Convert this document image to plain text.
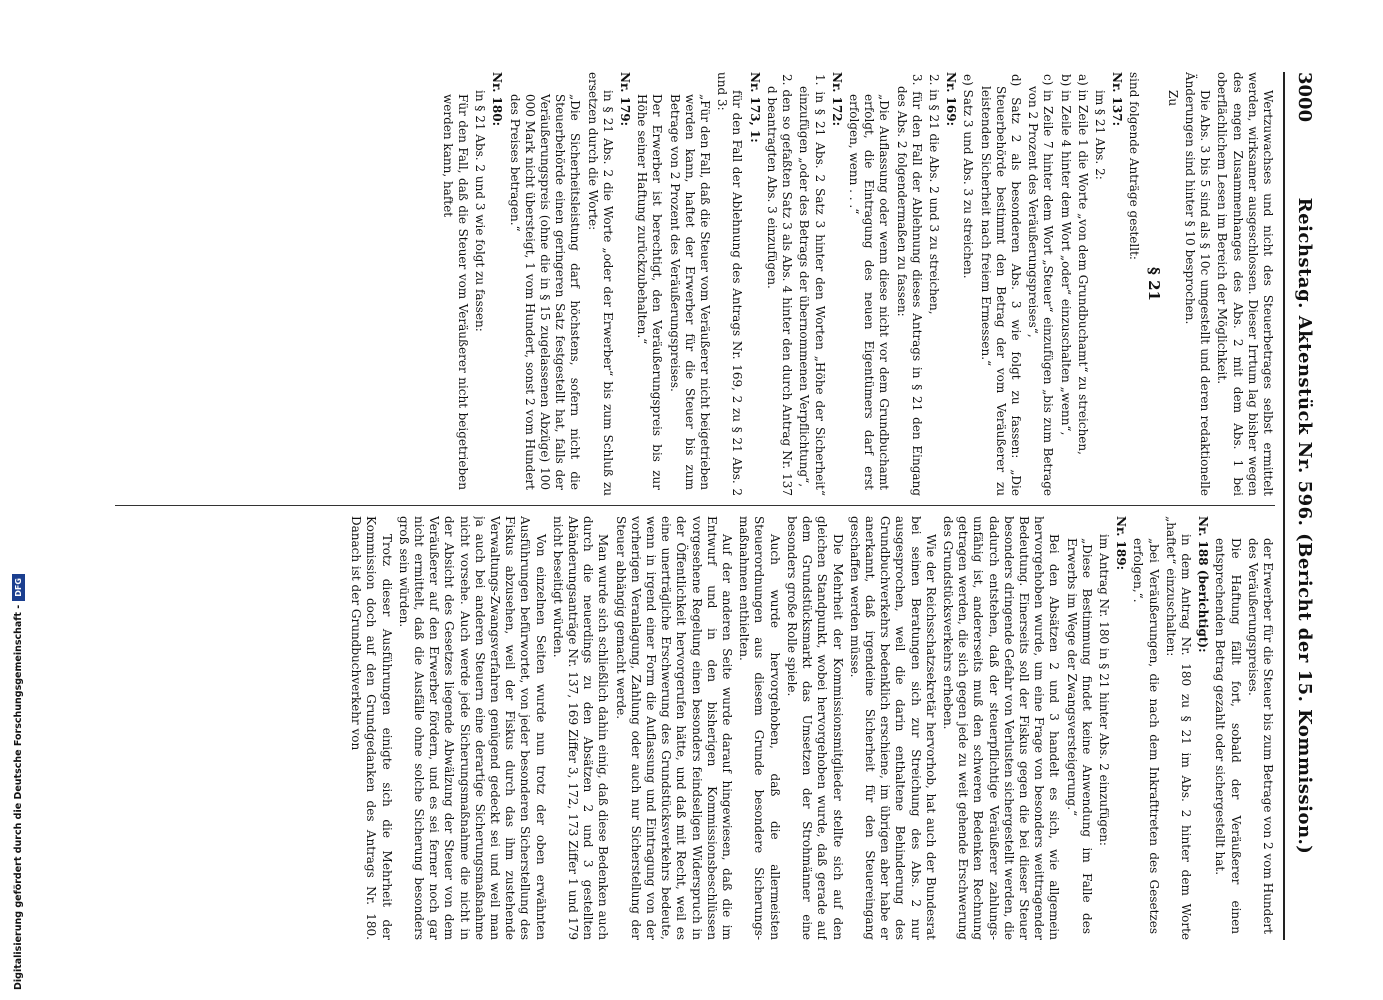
Digitalisierung gefördert durch die Deutsche Forschungsgemeinschaft -
DFG
3000
Reichstag. Aktenstück Nr. 596. (Bericht der 15. Kommission.)

Wertzuwachses und nicht des Steuerbetrages selbst ermittelt werden, wirksamer ausgeschlossen. Dieser Irrtum lag bisher wegen des engen Zusammenhanges des Abs. 2 mit dem Abs. 1 bei oberflächlichem Lesen im Bereich der Möglichkeit.

Die Abs. 3 bis 5 sind als § 10c umgestellt und deren redaktionelle Änderungen sind hinter § 10 besprochen.

Zu

§ 21

sind folgende Anträge gestellt:

Nr. 137:

im § 21 Abs. 2:

a) in Zeile 1 die Worte „von dem Grundbuchamt“ zu streichen,

b) in Zeile 4 hinter dem Wort „oder“ einzuschalten „wenn“,

c) in Zeile 7 hinter dem Wort „Steuer“ einzufügen „bis zum Betrage von 2 Prozent des Veräußerungspreises“,

d) Satz 2 als besonderen Abs. 3 wie folgt zu fassen: „Die Steuerbehörde bestimmt den Betrag der vom Veräußerer zu leistenden Sicherheit nach freiem Ermessen.“

e) Satz 3 und Abs. 3 zu streichen.

Nr. 169:

2. in § 21 die Abs. 2 und 3 zu streichen,

3. für den Fall der Ablehnung dieses Antrags in § 21 den Eingang des Abs. 2 folgendermaßen zu fassen:

„Die Auflassung oder wenn diese nicht vor dem Grundbuchamt erfolgt, die Eintragung des neuen Eigentümers darf erst erfolgen, wenn . . .“

Nr. 172:

1. in § 21 Abs. 2 Satz 3 hinter den Worten „Höhe der Sicherheit“ einzufügen „oder des Betrags der übernommenen Verpflichtung“,

2. den so gefaßten Satz 3 als Abs. 4 hinter den durch Antrag Nr. 137 d beantragten Abs. 3 einzufügen.

Nr. 173, 1:

für den Fall der Ablehnung des Antrags Nr. 169, 2 zu § 21 Abs. 2 und 3:

„Für den Fall, daß die Steuer vom Veräußerer nicht beigetrieben werden kann, haftet der Erwerber für die Steuer bis zum Betrage von 2 Prozent des Veräußerungspreises.

Der Erwerber ist berechtigt, den Veräußerungspreis bis zur Höhe seiner Haftung zurückzubehalten.“

Nr. 179:

in § 21 Abs. 2 die Worte „oder der Erwerber“ bis zum Schluß zu ersetzen durch die Worte:

„Die Sicherheitsleistung darf höchstens, sofern nicht die Steuerbehörde einen geringeren Satz festgestellt hat, falls der Veräußerungspreis (ohne die in § 15 zugelassenen Abzüge) 100 000 Mark nicht übersteigt, 1 vom Hundert, sonst 2 vom Hundert des Preises betragen.“

Nr. 180:

in § 21 Abs. 2 und 3 wie folgt zu fassen:

Für den Fall, daß die Steuer vom Veräußerer nicht beigetrieben werden kann, haftet

der Erwerber für die Steuer bis zum Betrage von 2 vom Hundert des Veräußerungspreises.

Die Haftung fällt fort, sobald der Veräußerer einen entsprechenden Betrag gezahlt oder sichergestellt hat.

Nr. 188 (berichtigt):

in dem Antrag Nr. 180 zu § 21 im Abs. 2 hinter dem Worte „haftet“ einzuschalten:

„bei Veräußerungen, die nach dem Inkrafttreten des Gesetzes erfolgen,“.

Nr. 189:

im Antrag Nr. 180 in § 21 hinter Abs. 2 einzufügen:

„Diese Bestimmung findet keine Anwendung im Falle des Erwerbs im Wege der Zwangsversteigerung.“

Bei den Absätzen 2 und 3 handelt es sich, wie allgemein hervorgehoben wurde, um eine Frage von besonders weittragender Bedeutung. Einerseits soll der Fiskus gegen die bei dieser Steuer besonders dringende Gefahr von Verlusten sichergestellt werden, die dadurch entstehen, daß der steuerpflichtige Veräußerer zahlungsunfähig ist, andererseits muß den schweren Bedenken Rechnung getragen werden, die sich gegen jede zu weit gehende Erschwerung des Grundstücksverkehrs erheben.

Wie der Reichsschatzsekretär hervorhob, hat auch der Bundesrat bei seinen Beratungen sich zur Streichung des Abs. 2 nur ausgesprochen, weil die darin enthaltene Behinderung des Grundbuchverkehrs bedenklich erschiene, im übrigen aber habe er anerkannt, daß irgendeine Sicherheit für den Steuereingang geschaffen werden müsse.

Die Mehrheit der Kommissionsmitglieder stellte sich auf den gleichen Standpunkt, wobei hervorgehoben wurde, daß gerade auf dem Grundstücksmarkt das Umsetzen der Strohmänner eine besonders große Rolle spiele.

Auch wurde hervorgehoben, daß die allermeisten Steuerordnungen aus diesem Grunde besondere Sicherungsmaßnahmen enthielten.

Auf der anderen Seite wurde darauf hingewiesen, daß die im Entwurf und in den bisherigen Kommissionsbeschlüssen vorgesehene Regelung einen besonders feindseligen Widerspruch in der Öffentlichkeit hervorgerufen hätte, und daß mit Recht, weil es eine unerträgliche Erschwerung des Grundstücksverkehrs bedeute, wenn in irgend einer Form die Auflassung und Eintragung von der vorherigen Veranlagung, Zahlung oder auch nur Sicherstellung der Steuer abhängig gemacht werde.

Man wurde sich schließlich dahin einig, daß diese Bedenken auch durch die neuerdings zu den Absätzen 2 und 3 gestellten Abänderungsanträge Nr. 137, 169 Ziffer 3, 172, 173 Ziffer 1 und 179 nicht beseitigt würden.

Von einzelnen Seiten wurde nun trotz der oben erwähnten Ausführungen befürwortet, von jeder besonderen Sicherstellung des Fiskus abzusehen, weil der Fiskus durch das ihm zustehende Verwaltungs-Zwangsverfahren genügend gedeckt sei und weil man ja auch bei anderen Steuern eine derartige Sicherungsmaßnahme nicht vorsehe. Auch werde jede Sicherungsmaßnahme die nicht in der Absicht des Gesetzes liegende Abwälzung der Steuer von dem Veräußerer auf den Erwerber fördern, und es sei ferner noch gar nicht ermittelt, daß die Ausfälle ohne solche Sicherung besonders groß sein würden.

Trotz dieser Ausführungen einigte sich die Mehrheit der Kommission doch auf den Grundgedanken des Antrags Nr. 180. Danach ist der Grundbuchverkehr von
